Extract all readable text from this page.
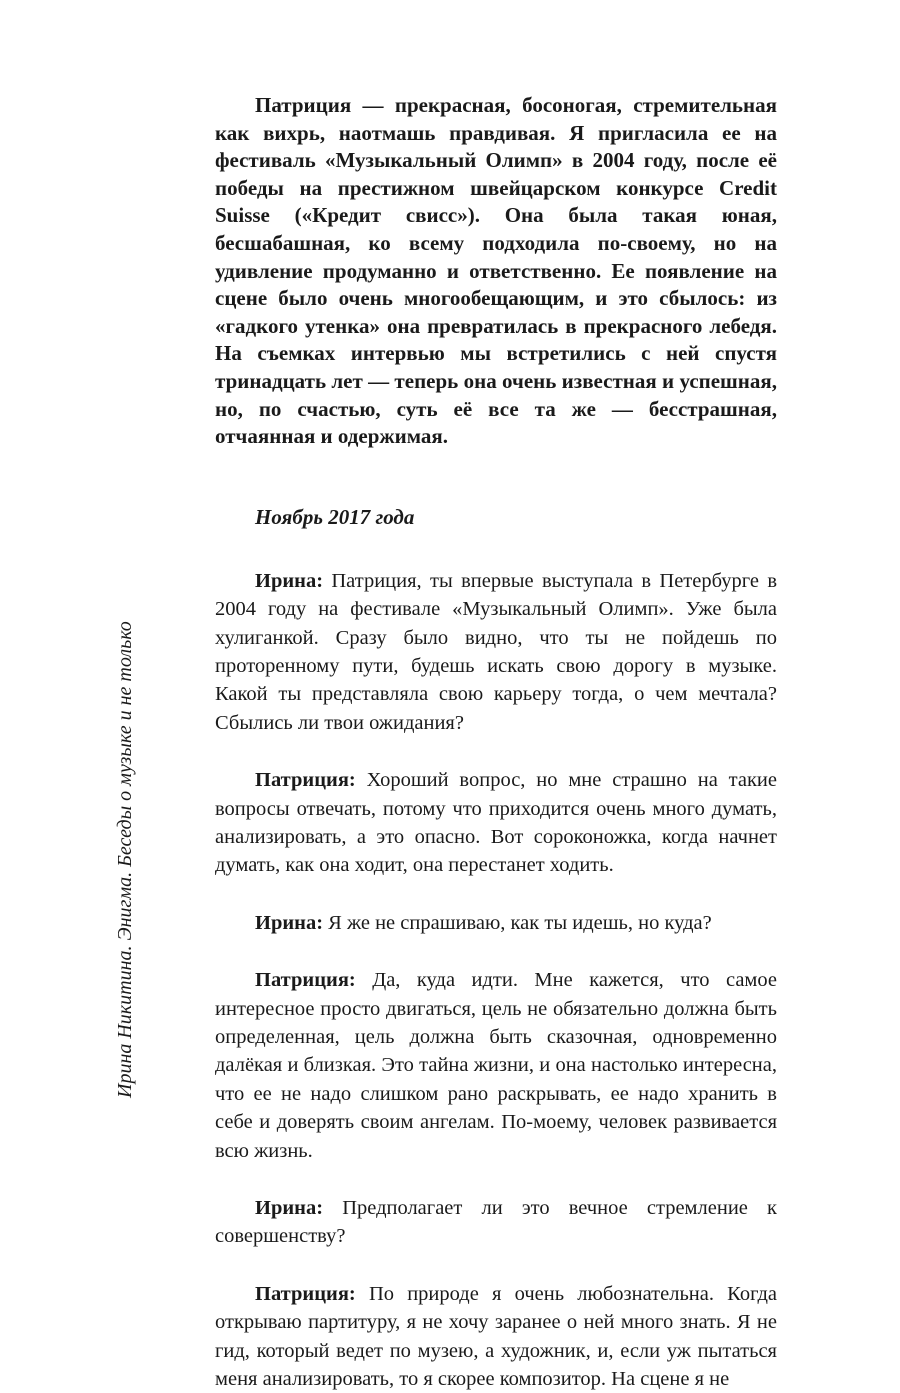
Ирина Никитина. Энигма. Беседы о музыке и не только

Патриция — прекрасная, босоногая, стремительная как вихрь, наотмашь правдивая. Я пригласила ее на фестиваль «Музыкальный Олимп» в 2004 году, после её победы на престижном швейцарском конкурсе Credit Suisse («Кредит свисс»). Она была такая юная, бесшабашная, ко всему подходила по-своему, но на удивление продуманно и ответственно. Ее появление на сцене было очень многообещающим, и это сбылось: из «гадкого утенка» она превратилась в прекрасного лебедя. На съемках интервью мы встретились с ней спустя тринадцать лет — теперь она очень известная и успешная, но, по счастью, суть её все та же — бесстрашная, отчаянная и одержимая.

Ноябрь 2017 года

Ирина: Патриция, ты впервые выступала в Петербурге в 2004 году на фестивале «Музыкальный Олимп». Уже была хулиганкой. Сразу было видно, что ты не пойдешь по проторенному пути, будешь искать свою дорогу в музыке. Какой ты представляла свою карьеру тогда, о чем мечтала? Сбылись ли твои ожидания?

Патриция: Хороший вопрос, но мне страшно на такие вопросы отвечать, потому что приходится очень много думать, анализировать, а это опасно. Вот сороконожка, когда начнет думать, как она ходит, она перестанет ходить.

Ирина: Я же не спрашиваю, как ты идешь, но куда?

Патриция: Да, куда идти. Мне кажется, что самое интересное просто двигаться, цель не обязательно должна быть определенная, цель должна быть сказочная, одновременно далёкая и близкая. Это тайна жизни, и она настолько интересна, что ее не надо слишком рано раскрывать, ее надо хранить в себе и доверять своим ангелам. По-моему, человек развивается всю жизнь.

Ирина: Предполагает ли это вечное стремление к совершенству?

Патриция: По природе я очень любознательна. Когда открываю партитуру, я не хочу заранее о ней много знать. Я не гид, который ведет по музею, а художник, и, если уж пытаться меня анализировать, то я скорее композитор. На сцене я не
